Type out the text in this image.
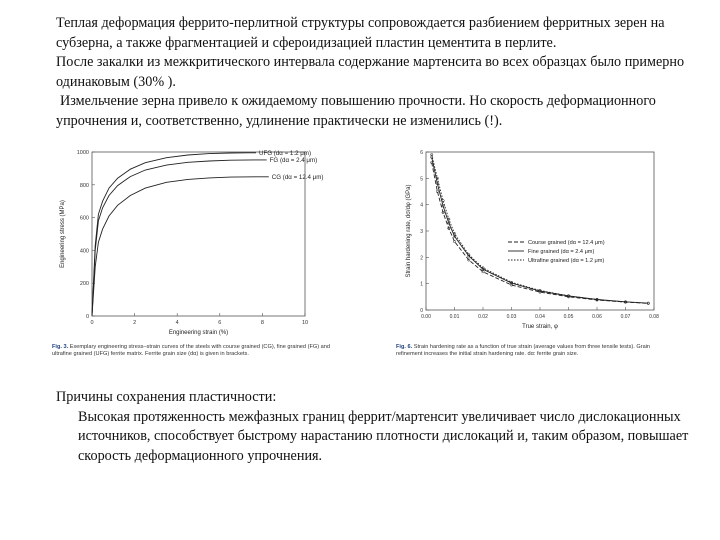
Теплая деформация феррито-перлитной структуры сопровождается разбиением ферритных зерен на субзерна, а также фрагментацией и сфероидизацией пластин цементита в перлите.

После закалки из межкритического интервала содержание мартенсита во всех образцах было примерно одинаковым (30% ).

Измельчение зерна привело к ожидаемому повышению прочности. Но скорость деформационного упрочнения и, соответственно, удлинение практически не изменились (!).

0	2	4	6	8	10
0
200
400
600
800
1000
Engineering strain (%)
Engineering stress (MPa)
UFG (dα = 1.2 μm)
FG (dα = 2.4 μm)
CG (dα = 12.4 μm)
Fig. 3. Exemplary engineering stress–strain curves of the steels with course grained (CG), fine grained (FG) and ultrafine grained (UFG) ferrite matrix. Ferrite grain size (dα) is given in brackets.
0.00	0.01	0.02	0.03	0.04	0.05	0.06	0.07	0.08
0
1
2
3
4
5
6
True strain, φ
Strain hardening rate, dσ/dφ (GPa)	Course grained (dα = 12.4 μm)
Fine grained (dα = 2.4 μm)
Ultrafine grained (dα = 1.2 μm)
Fig. 6. Strain hardening rate as a function of true strain (average values from three tensile tests). Grain refinement increases the initial strain hardening rate. dα: ferrite grain size.
Причины сохранения пластичности:
Высокая протяженность межфазных границ феррит/мартенсит увеличивает число дислокационных источников, способствует быстрому нарастанию плотности дислокаций и, таким образом, повышает скорость деформационного упрочнения.
